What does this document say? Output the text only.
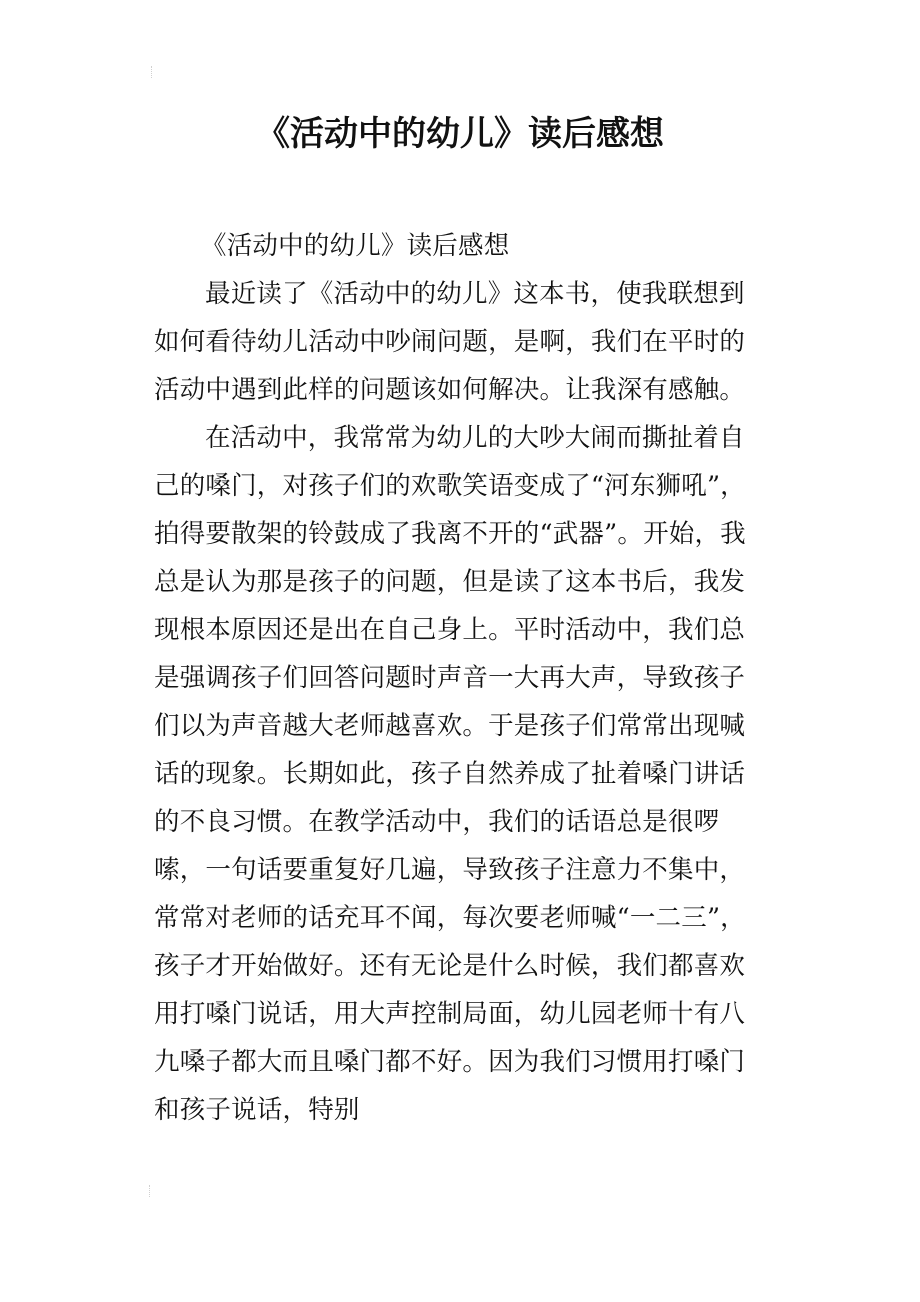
《活动中的幼儿》读后感想

《活动中的幼儿》读后感想

最近读了《活动中的幼儿》这本书，使我联想到如何看待幼儿活动中吵闹问题，是啊，我们在平时的活动中遇到此样的问题该如何解决。让我深有感触。

在活动中，我常常为幼儿的大吵大闹而撕扯着自己的嗓门，对孩子们的欢歌笑语变成了“河东狮吼”，拍得要散架的铃鼓成了我离不开的“武器”。开始，我总是认为那是孩子的问题，但是读了这本书后，我发现根本原因还是出在自己身上。平时活动中，我们总是强调孩子们回答问题时声音一大再大声，导致孩子们以为声音越大老师越喜欢。于是孩子们常常出现喊话的现象。长期如此，孩子自然养成了扯着嗓门讲话的不良习惯。在教学活动中，我们的话语总是很啰嗦，一句话要重复好几遍，导致孩子注意力不集中，常常对老师的话充耳不闻，每次要老师喊“一二三”，孩子才开始做好。还有无论是什么时候，我们都喜欢用打嗓门说话，用大声控制局面，幼儿园老师十有八九嗓子都大而且嗓门都不好。因为我们习惯用打嗓门和孩子说话，特别
